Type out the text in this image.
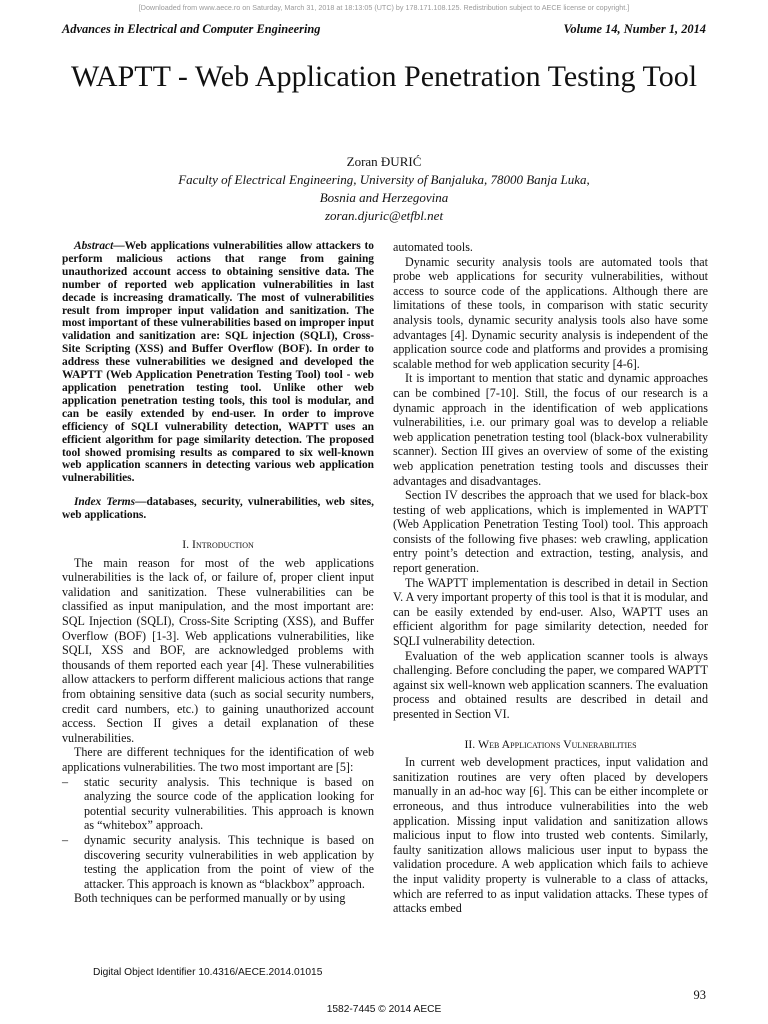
[Downloaded from www.aece.ro on Saturday, March 31, 2018 at 18:13:05 (UTC) by 178.171.108.125. Redistribution subject to AECE license or copyright.]
Advances in Electrical and Computer Engineering	Volume 14, Number 1, 2014
WAPTT - Web Application Penetration Testing Tool
Zoran ĐURIĆ
Faculty of Electrical Engineering, University of Banjaluka, 78000 Banja Luka,
Bosnia and Herzegovina
zoran.djuric@etfbl.net

Abstract—Web applications vulnerabilities allow attackers to perform malicious actions that range from gaining unauthorized account access to obtaining sensitive data. The number of reported web application vulnerabilities in last decade is increasing dramatically. The most of vulnerabilities result from improper input validation and sanitization. The most important of these vulnerabilities based on improper input validation and sanitization are: SQL injection (SQLI), Cross-Site Scripting (XSS) and Buffer Overflow (BOF). In order to address these vulnerabilities we designed and developed the WAPTT (Web Application Penetration Testing Tool) tool - web application penetration testing tool. Unlike other web application penetration testing tools, this tool is modular, and can be easily extended by end-user. In order to improve efficiency of SQLI vulnerability detection, WAPTT uses an efficient algorithm for page similarity detection. The proposed tool showed promising results as compared to six well-known web application scanners in detecting various web application vulnerabilities.

Index Terms—databases, security, vulnerabilities, web sites, web applications.

I. Introduction

The main reason for most of the web applications vulnerabilities is the lack of, or failure of, proper client input validation and sanitization. These vulnerabilities can be classified as input manipulation, and the most important are: SQL Injection (SQLI), Cross-Site Scripting (XSS), and Buffer Overflow (BOF) [1-3]. Web applications vulnerabilities, like SQLI, XSS and BOF, are acknowledged problems with thousands of them reported each year [4]. These vulnerabilities allow attackers to perform different malicious actions that range from obtaining sensitive data (such as social security numbers, credit card numbers, etc.) to gaining unauthorized account access. Section II gives a detail explanation of these vulnerabilities.

There are different techniques for the identification of web applications vulnerabilities. The two most important are [5]:

–	static security analysis. This technique is based on analyzing the source code of the application looking for potential security vulnerabilities. This approach is known as “whitebox” approach.
–	dynamic security analysis. This technique is based on discovering security vulnerabilities in web application by testing the application from the point of view of the attacker. This approach is known as “blackbox” approach.

Both techniques can be performed manually or by using

automated tools.

Dynamic security analysis tools are automated tools that probe web applications for security vulnerabilities, without access to source code of the applications. Although there are limitations of these tools, in comparison with static security analysis tools, dynamic security analysis tools also have some advantages [4]. Dynamic security analysis is independent of the application source code and platforms and provides a promising scalable method for web application security [4-6].

It is important to mention that static and dynamic approaches can be combined [7-10]. Still, the focus of our research is a dynamic approach in the identification of web applications vulnerabilities, i.e. our primary goal was to develop a reliable web application penetration testing tool (black-box vulnerability scanner). Section III gives an overview of some of the existing web application penetration testing tools and discusses their advantages and disadvantages.

Section IV describes the approach that we used for black-box testing of web applications, which is implemented in WAPTT (Web Application Penetration Testing Tool) tool. This approach consists of the following five phases: web crawling, application entry point’s detection and extraction, testing, analysis, and report generation.

The WAPTT implementation is described in detail in Section V. A very important property of this tool is that it is modular, and can be easily extended by end-user. Also, WAPTT uses an efficient algorithm for page similarity detection, needed for SQLI vulnerability detection.

Evaluation of the web application scanner tools is always challenging. Before concluding the paper, we compared WAPTT against six well-known web application scanners. The evaluation process and obtained results are described in detail and presented in Section VI.

II. Web Applications Vulnerabilities

In current web development practices, input validation and sanitization routines are very often placed by developers manually in an ad-hoc way [6]. This can be either incomplete or erroneous, and thus introduce vulnerabilities into the web application. Missing input validation and sanitization allows malicious input to flow into trusted web contents. Similarly, faulty sanitization allows malicious user input to bypass the validation procedure. A web application which fails to achieve the input validity property is vulnerable to a class of attacks, which are referred to as input validation attacks. These types of attacks embed

Digital Object Identifier 10.4316/AECE.2014.01015
93
1582-7445 © 2014 AECE
